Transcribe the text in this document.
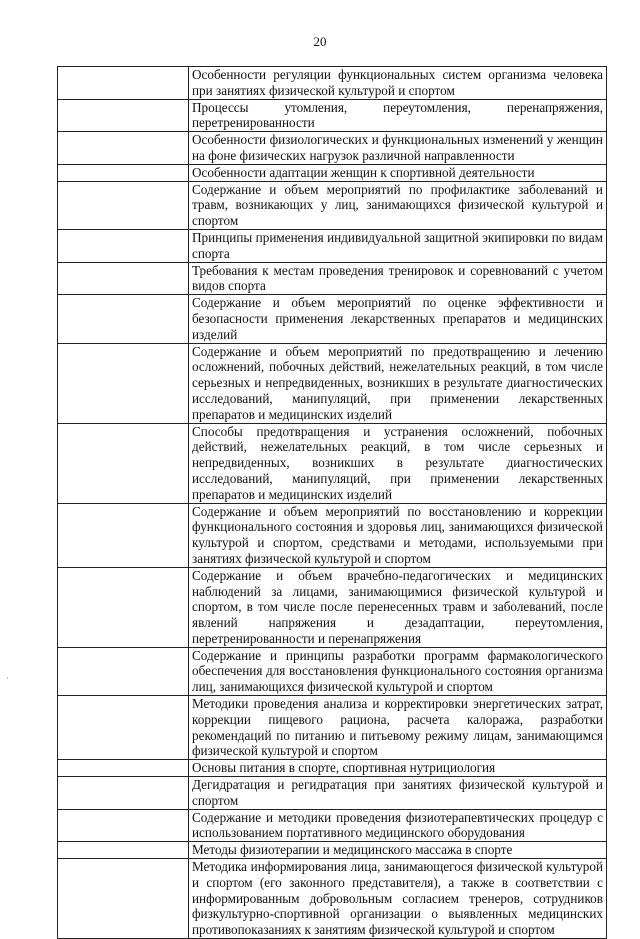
20
·
	Особенности регуляции функциональных систем организма человека при занятиях физической культурой и спортом
	Процессы утомления, переутомления, перенапряжения, перетренированности
	Особенности физиологических и функциональных изменений у женщин на фоне физических нагрузок различной направленности
	Особенности адаптации женщин к спортивной деятельности
	Содержание и объем мероприятий по профилактике заболеваний и травм, возникающих у лиц, занимающихся физической культурой и спортом
	Принципы применения индивидуальной защитной экипировки по видам спорта
	Требования к местам проведения тренировок и соревнований с учетом видов спорта
	Содержание и объем мероприятий по оценке эффективности и безопасности применения лекарственных препаратов и медицинских изделий
	Содержание и объем мероприятий по предотвращению и лечению осложнений, побочных действий, нежелательных реакций, в том числе серьезных и непредвиденных, возникших в результате диагностических исследований, манипуляций, при применении лекарственных препаратов и медицинских изделий
	Способы предотвращения и устранения осложнений, побочных действий, нежелательных реакций, в том числе серьезных и непредвиденных, возникших в результате диагностических исследований, манипуляций, при применении лекарственных препаратов и медицинских изделий
	Содержание и объем мероприятий по восстановлению и коррекции функционального состояния и здоровья лиц, занимающихся физической культурой и спортом, средствами и методами, используемыми при занятиях физической культурой и спортом
	Содержание и объем врачебно-педагогических и медицинских наблюдений за лицами, занимающимися физической культурой и спортом, в том числе после перенесенных травм и заболеваний, после явлений напряжения и дезадаптации, переутомления, перетренированности и перенапряжения
	Содержание и принципы разработки программ фармакологического обеспечения для восстановления функционального состояния организма лиц, занимающихся физической культурой и спортом
	Методики проведения анализа и корректировки энергетических затрат, коррекции пищевого рациона, расчета калоража, разработки рекомендаций по питанию и питьевому режиму лицам, занимающимся физической культурой и спортом
	Основы питания в спорте, спортивная нутрициология
	Дегидратация и регидратация при занятиях физической культурой и спортом
	Содержание и методики проведения физиотерапевтических процедур с использованием портативного медицинского оборудования
	Методы физиотерапии и медицинского массажа в спорте
	Методика информирования лица, занимающегося физической культурой и спортом (его законного представителя), а также в соответствии с информированным добровольным согласием тренеров, сотрудников физкультурно-спортивной организации о выявленных медицинских противопоказаниях к занятиям физической культурой и спортом
